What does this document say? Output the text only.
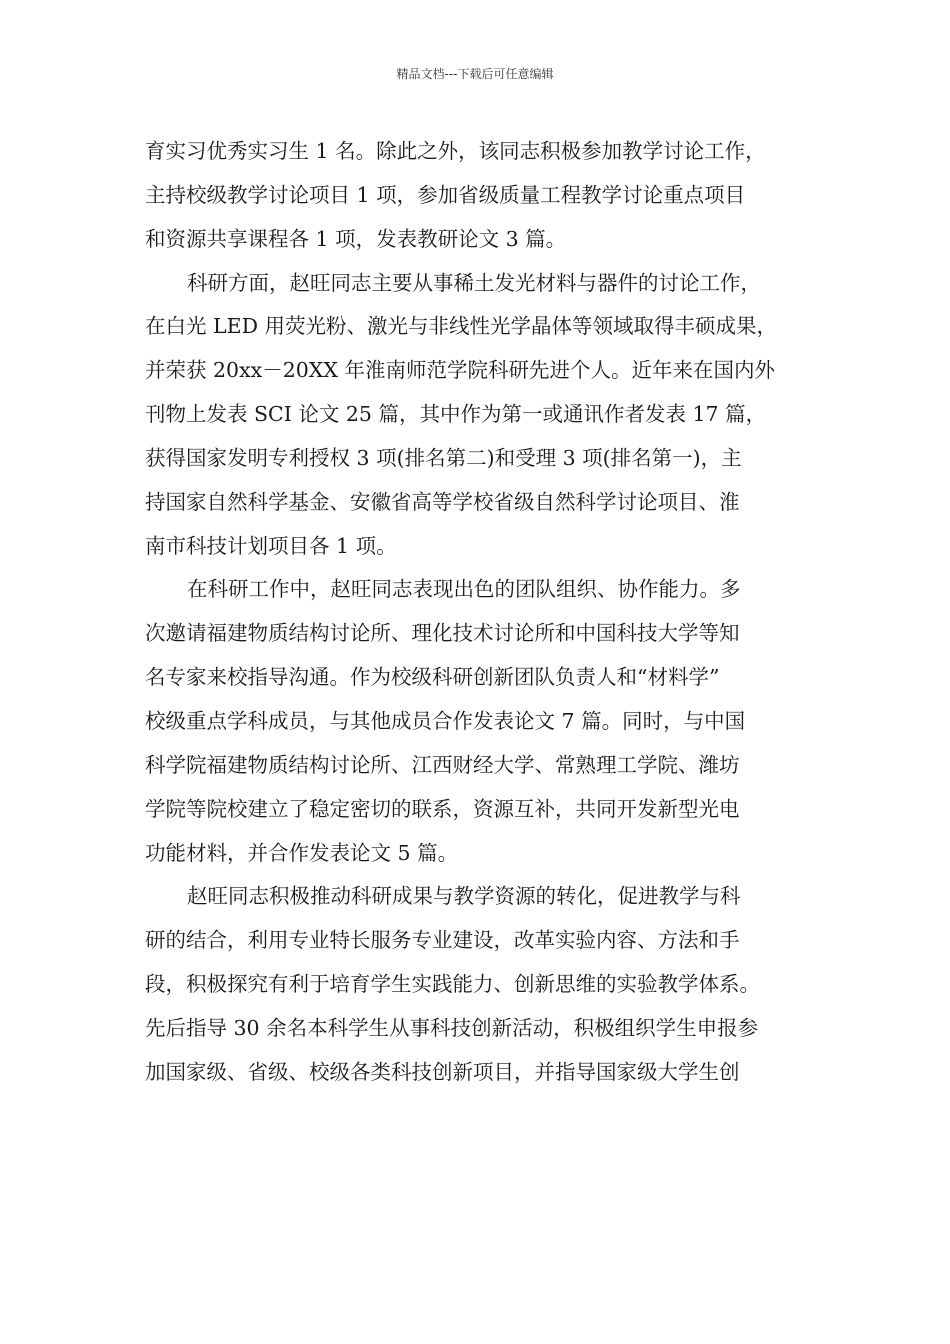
精品文档---下载后可任意编辑

育实习优秀实习生 1 名。除此之外，该同志积极参加教学讨论工作，
主持校级教学讨论项目 1 项，参加省级质量工程教学讨论重点项目
和资源共享课程各 1 项，发表教研论文 3 篇。

科研方面，赵旺同志主要从事稀土发光材料与器件的讨论工作，
在白光 LED 用荧光粉、激光与非线性光学晶体等领域取得丰硕成果，
并荣获 20xx－20XX 年淮南师范学院科研先进个人。近年来在国内外
刊物上发表 SCI 论文 25 篇，其中作为第一或通讯作者发表 17 篇，
获得国家发明专利授权 3 项(排名第二)和受理 3 项(排名第一)，主
持国家自然科学基金、安徽省高等学校省级自然科学讨论项目、淮
南市科技计划项目各 1 项。

在科研工作中，赵旺同志表现出色的团队组织、协作能力。多
次邀请福建物质结构讨论所、理化技术讨论所和中国科技大学等知
名专家来校指导沟通。作为校级科研创新团队负责人和“材料学”
校级重点学科成员，与其他成员合作发表论文 7 篇。同时，与中国
科学院福建物质结构讨论所、江西财经大学、常熟理工学院、潍坊
学院等院校建立了稳定密切的联系，资源互补，共同开发新型光电
功能材料，并合作发表论文 5 篇。

赵旺同志积极推动科研成果与教学资源的转化，促进教学与科
研的结合，利用专业特长服务专业建设，改革实验内容、方法和手
段，积极探究有利于培育学生实践能力、创新思维的实验教学体系。
先后指导 30 余名本科学生从事科技创新活动，积极组织学生申报参
加国家级、省级、校级各类科技创新项目，并指导国家级大学生创
